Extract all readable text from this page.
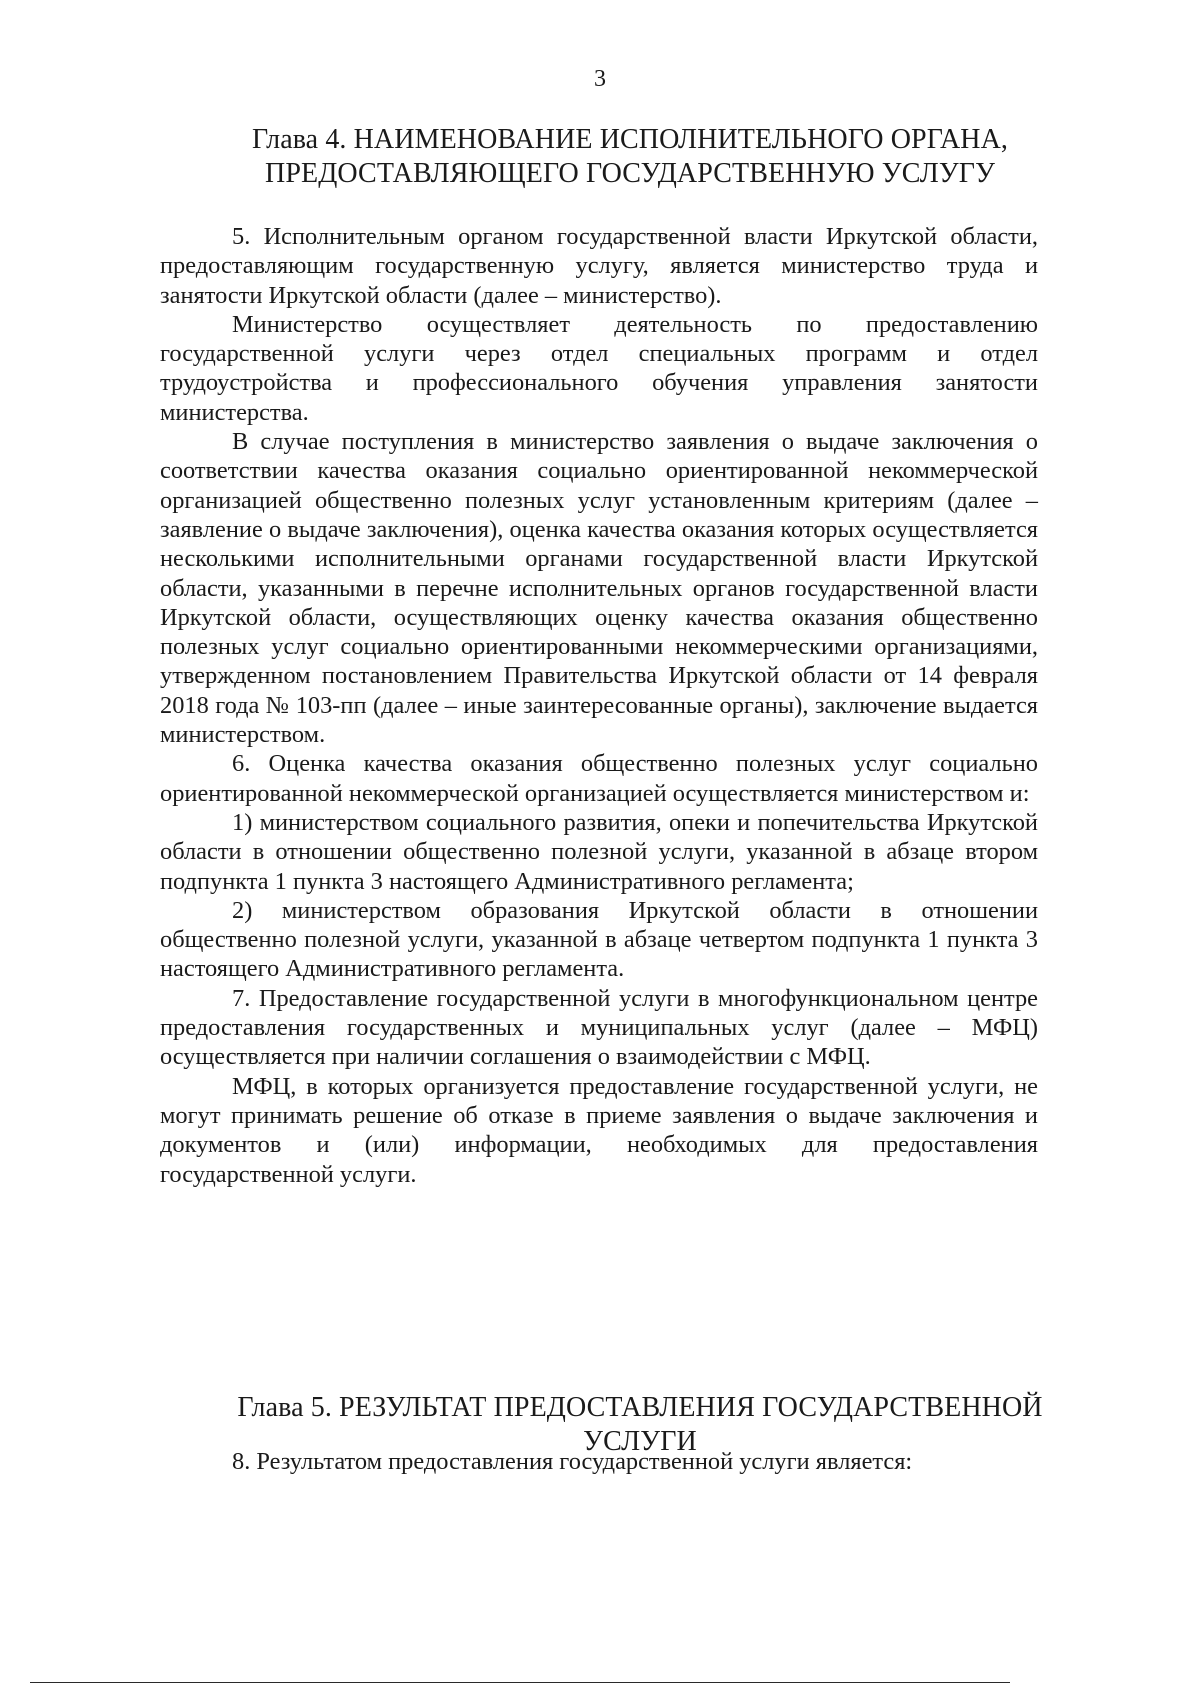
3
Глава 4. НАИМЕНОВАНИЕ ИСПОЛНИТЕЛЬНОГО ОРГАНА,
ПРЕДОСТАВЛЯЮЩЕГО ГОСУДАРСТВЕННУЮ УСЛУГУ

5. Исполнительным органом государственной власти Иркутской области, предоставляющим государственную услугу, является министерство труда и занятости Иркутской области (далее – министерство).

Министерство осуществляет деятельность по предоставлению государственной услуги через отдел специальных программ и отдел трудоустройства и профессионального обучения управления занятости министерства.

В случае поступления в министерство заявления о выдаче заключения о соответствии качества оказания социально ориентированной некоммерческой организацией общественно полезных услуг установленным критериям (далее – заявление о выдаче заключения), оценка качества оказания которых осуществляется несколькими исполнительными органами государственной власти Иркутской области, указанными в перечне исполнительных органов государственной власти Иркутской области, осуществляющих оценку качества оказания общественно полезных услуг социально ориентированными некоммерческими организациями, утвержденном постановлением Правительства Иркутской области от 14 февраля 2018 года № 103-пп (далее – иные заинтересованные органы), заключение выдается министерством.

6. Оценка качества оказания общественно полезных услуг социально ориентированной некоммерческой организацией осуществляется министерством и:

1) министерством социального развития, опеки и попечительства Иркутской области в отношении общественно полезной услуги, указанной в абзаце втором подпункта 1 пункта 3 настоящего Административного регламента;

2) министерством образования Иркутской области в отношении общественно полезной услуги, указанной в абзаце четвертом подпункта 1 пункта 3 настоящего Административного регламента.

7. Предоставление государственной услуги в многофункциональном центре предоставления государственных и муниципальных услуг (далее – МФЦ) осуществляется при наличии соглашения о взаимодействии с МФЦ.

МФЦ, в которых организуется предоставление государственной услуги, не могут принимать решение об отказе в приеме заявления о выдаче заключения и документов и (или) информации, необходимых для предоставления государственной услуги.

Глава 5. РЕЗУЛЬТАТ ПРЕДОСТАВЛЕНИЯ ГОСУДАРСТВЕННОЙ
УСЛУГИ

8. Результатом предоставления государственной услуги является:
